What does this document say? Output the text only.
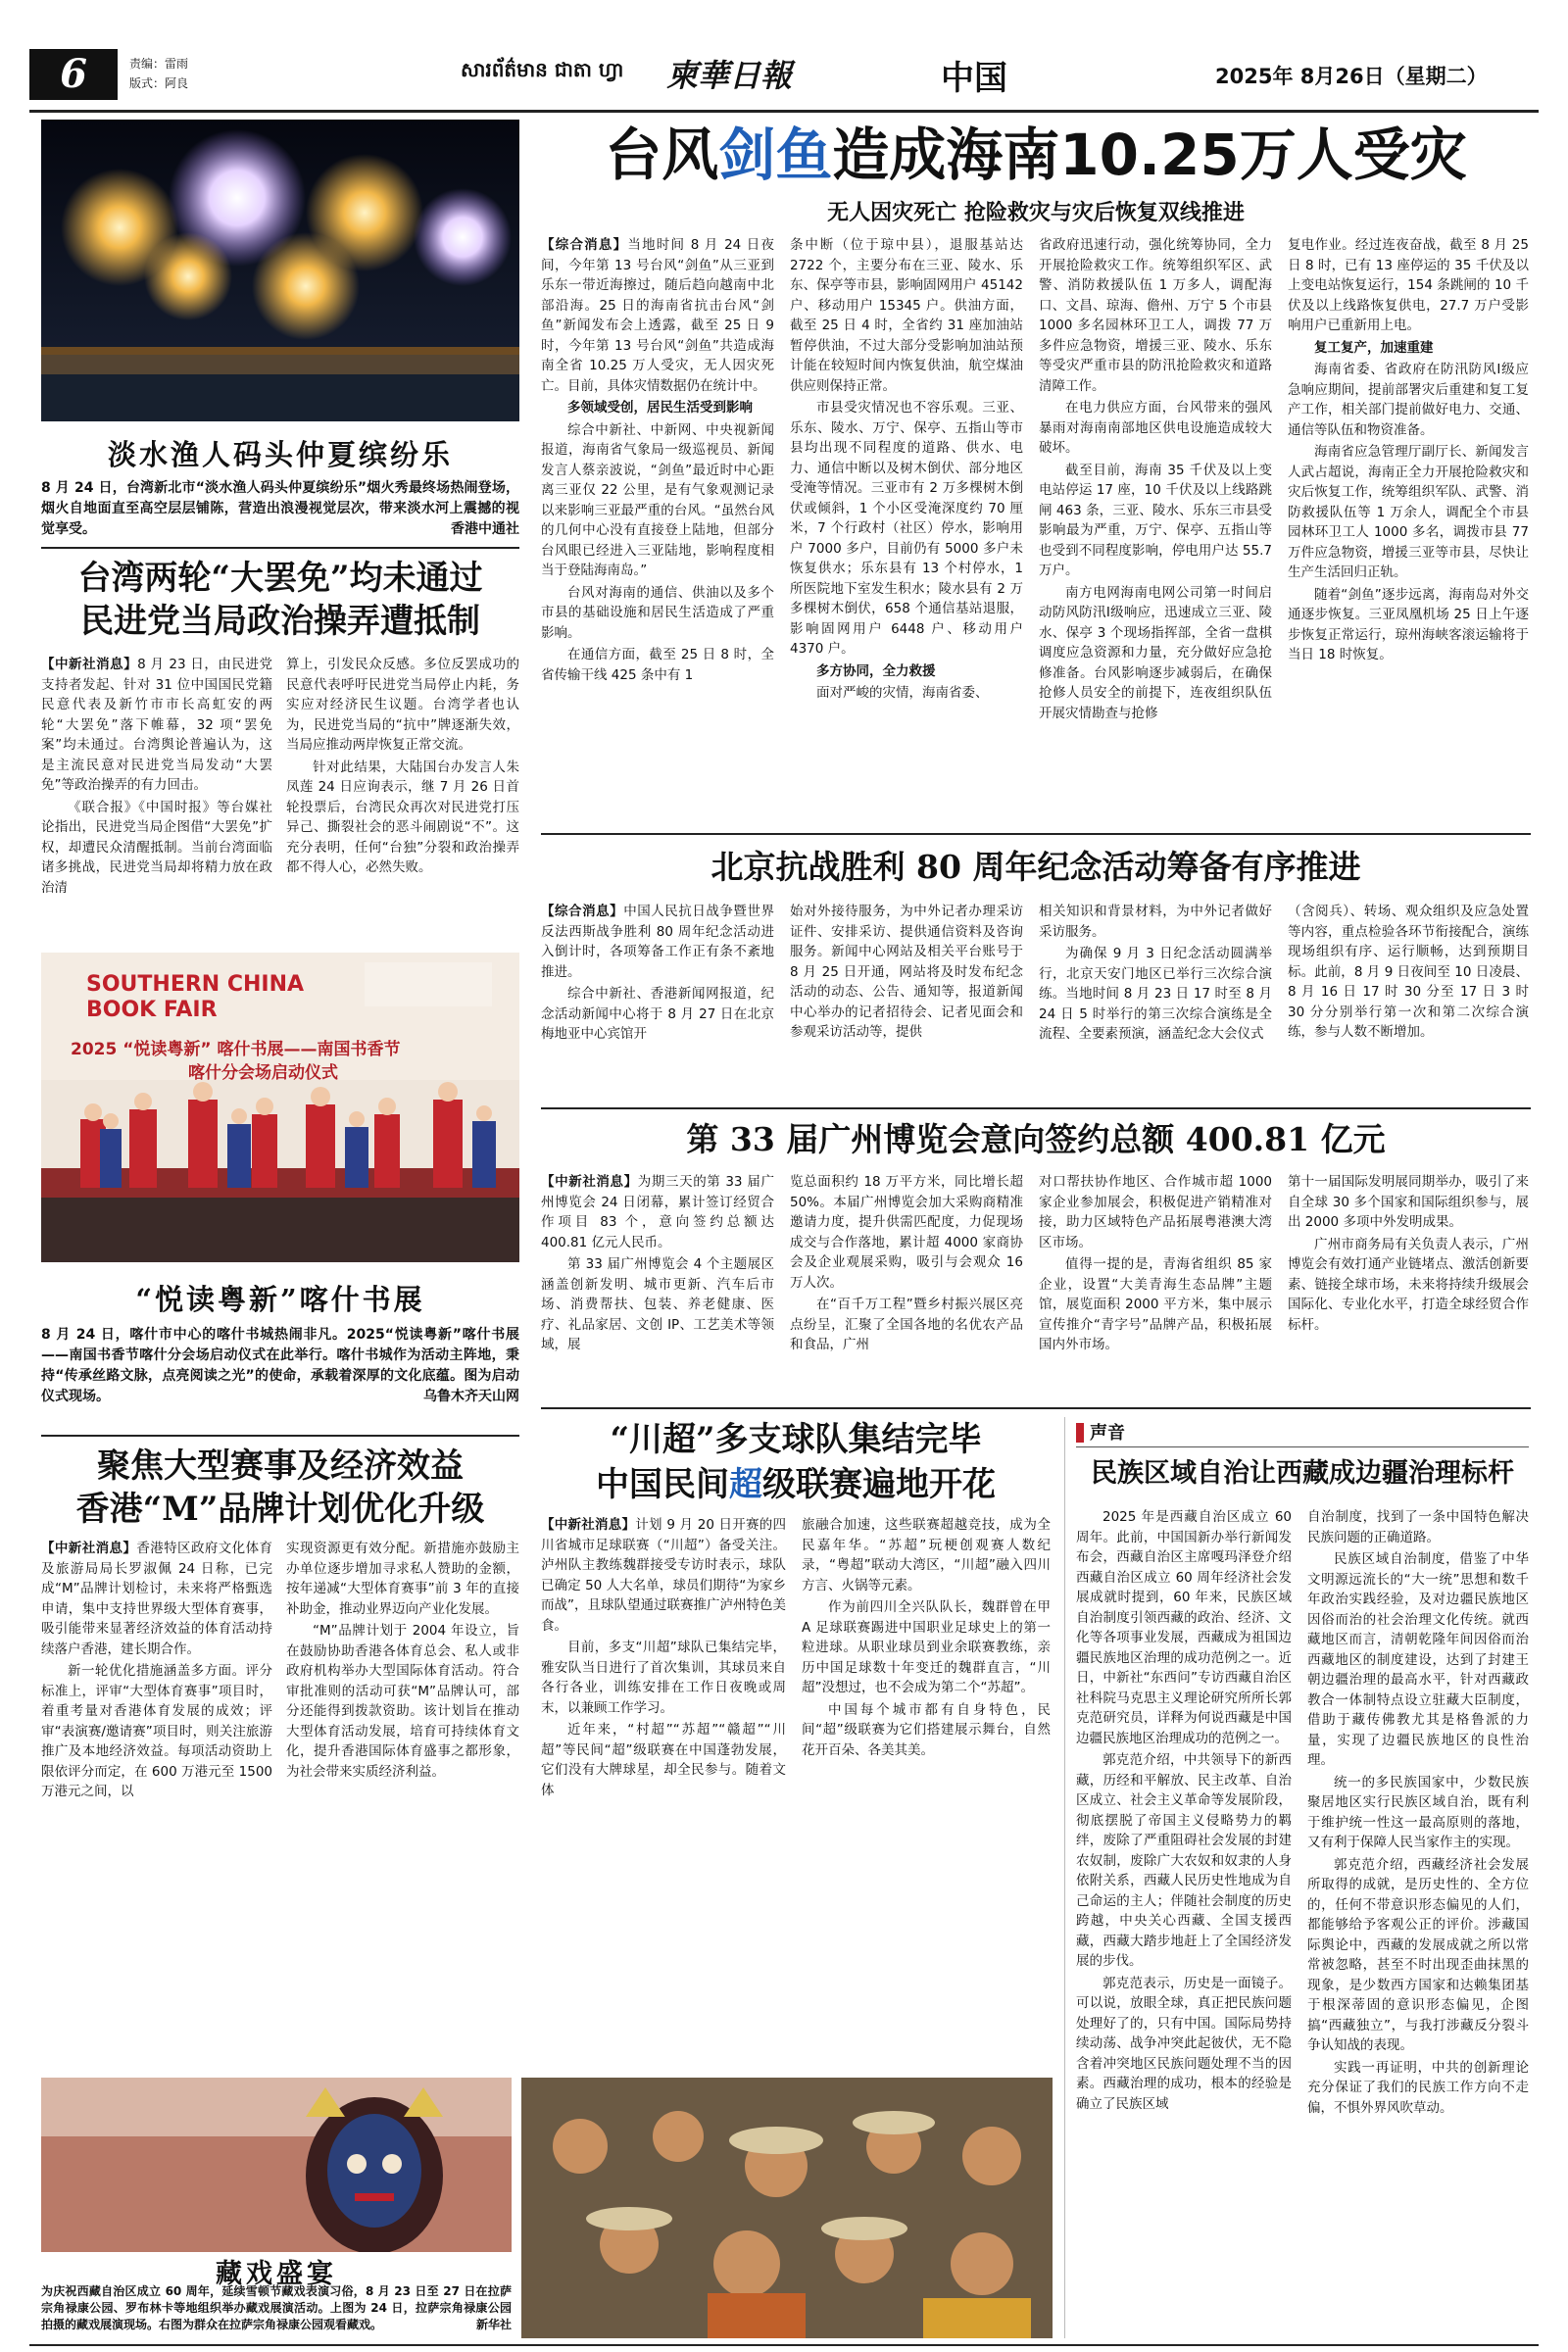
6	责编：雷雨
版式：阿良
សារព័ត៌មាន ជាតា ហ្វា 柬華日報	中国	2025年 8月26日（星期二）
淡水渔人码头仲夏缤纷乐
8 月 24 日，台湾新北市“淡水渔人码头仲夏缤纷乐”烟火秀最终场热闹登场，烟火自地面直至高空层层铺陈，营造出浪漫视觉层次，带来淡水河上震撼的视觉享受。	香港中通社
台湾两轮“大罢免”均未通过
民进党当局政治操弄遭抵制

【中新社消息】8 月 23 日，由民进党支持者发起、针对 31 位中国国民党籍民意代表及新竹市市长高虹安的两轮“大罢免”落下帷幕，32 项“罢免案”均未通过。台湾舆论普遍认为，这是主流民意对民进党当局发动“大罢免”等政治操弄的有力回击。

《联合报》《中国时报》等台媒社论指出，民进党当局企图借“大罢免”扩权，却遭民众清醒抵制。当前台湾面临诸多挑战，民进党当局却将精力放在政治清

算上，引发民众反感。多位反罢成功的民意代表呼吁民进党当局停止内耗，务实应对经济民生议题。台湾学者也认为，民进党当局的“抗中”牌逐渐失效，当局应推动两岸恢复正常交流。

针对此结果，大陆国台办发言人朱凤莲 24 日应询表示，继 7 月 26 日首轮投票后，台湾民众再次对民进党打压异己、撕裂社会的恶斗闹剧说“不”。这充分表明，任何“台独”分裂和政治操弄都不得人心，必然失败。

SOUTHERN CHINA
BOOK FAIR
2025 “悦读粤新” 喀什书展——南国书香节
喀什分会场启动仪式
“悦读粤新”喀什书展
8 月 24 日，喀什市中心的喀什书城热闹非凡。2025“悦读粤新”喀什书展——南国书香节喀什分会场启动仪式在此举行。喀什书城作为活动主阵地，秉持“传承丝路文脉，点亮阅读之光”的使命，承载着深厚的文化底蕴。图为启动仪式现场。	乌鲁木齐天山网
聚焦大型赛事及经济效益
香港“M”品牌计划优化升级

【中新社消息】香港特区政府文化体育及旅游局局长罗淑佩 24 日称，已完成“M”品牌计划检讨，未来将严格甄选申请，集中支持世界级大型体育赛事，吸引能带来显著经济效益的体育活动持续落户香港，建长期合作。

新一轮优化措施涵盖多方面。评分标准上，评审“大型体育赛事”项目时，着重考量对香港体育发展的成效；评审“表演赛/邀请赛”项目时，则关注旅游推广及本地经济效益。每项活动资助上限依评分而定，在 600 万港元至 1500 万港元之间，以

实现资源更有效分配。新措施亦鼓励主办单位逐步增加寻求私人赞助的金额，按年递减“大型体育赛事”前 3 年的直接补助金，推动业界迈向产业化发展。

“M”品牌计划于 2004 年设立，旨在鼓励协助香港各体育总会、私人或非政府机构举办大型国际体育活动。符合审批准则的活动可获“M”品牌认可，部分还能得到拨款资助。该计划旨在推动大型体育活动发展，培育可持续体育文化，提升香港国际体育盛事之都形象，为社会带来实质经济利益。

台风剑鱼造成海南10.25万人受灾
无人因灾死亡 抢险救灾与灾后恢复双线推进

【综合消息】当地时间 8 月 24 日夜间，今年第 13 号台风“剑鱼”从三亚到乐东一带近海擦过，随后趋向越南中北部沿海。25 日的海南省抗击台风“剑鱼”新闻发布会上透露，截至 25 日 9 时，今年第 13 号台风“剑鱼”共造成海南全省 10.25 万人受灾，无人因灾死亡。目前，具体灾情数据仍在统计中。

多领域受创，居民生活受到影响

综合中新社、中新网、中央视新闻报道，海南省气象局一级巡视员、新闻发言人蔡亲波说，“剑鱼”最近时中心距离三亚仅 22 公里，是有气象观测记录以来影响三亚最严重的台风。“虽然台风的几何中心没有直接登上陆地，但部分台风眼已经进入三亚陆地，影响程度相当于登陆海南岛。”

台风对海南的通信、供油以及多个市县的基础设施和居民生活造成了严重影响。

在通信方面，截至 25 日 8 时，全省传输干线 425 条中有 1

条中断（位于琼中县），退服基站达 2722 个，主要分布在三亚、陵水、乐东、保亭等市县，影响固网用户 45142 户、移动用户 15345 户。供油方面，截至 25 日 4 时，全省约 31 座加油站暂停供油，不过大部分受影响加油站预计能在较短时间内恢复供油，航空煤油供应则保持正常。

市县受灾情况也不容乐观。三亚、乐东、陵水、万宁、保亭、五指山等市县均出现不同程度的道路、供水、电力、通信中断以及树木倒伏、部分地区受淹等情况。三亚市有 2 万多棵树木倒伏或倾斜，1 个小区受淹深度约 70 厘米，7 个行政村（社区）停水，影响用户 7000 多户，目前仍有 5000 多户未恢复供水；乐东县有 13 个村停水，1 所医院地下室发生积水；陵水县有 2 万多棵树木倒伏，658 个通信基站退服，影响固网用户 6448 户、移动用户 4370 户。

多方协同，全力救援

面对严峻的灾情，海南省委、

省政府迅速行动，强化统筹协同，全力开展抢险救灾工作。统筹组织军区、武警、消防救援队伍 1 万多人，调配海口、文昌、琼海、儋州、万宁 5 个市县 1000 多名园林环卫工人，调拨 77 万多件应急物资，增援三亚、陵水、乐东等受灾严重市县的防汛抢险救灾和道路清障工作。

在电力供应方面，台风带来的强风暴雨对海南南部地区供电设施造成较大破坏。

截至目前，海南 35 千伏及以上变电站停运 17 座，10 千伏及以上线路跳闸 463 条，三亚、陵水、乐东三市县受影响最为严重，万宁、保亭、五指山等也受到不同程度影响，停电用户达 55.7 万户。

南方电网海南电网公司第一时间启动防风防汛Ⅰ级响应，迅速成立三亚、陵水、保亭 3 个现场指挥部，全省一盘棋调度应急资源和力量，充分做好应急抢修准备。台风影响逐步减弱后，在确保抢修人员安全的前提下，连夜组织队伍开展灾情勘查与抢修

复电作业。经过连夜奋战，截至 8 月 25 日 8 时，已有 13 座停运的 35 千伏及以上变电站恢复运行，154 条跳闸的 10 千伏及以上线路恢复供电，27.7 万户受影响用户已重新用上电。

复工复产，加速重建

海南省委、省政府在防汛防风Ⅰ级应急响应期间，提前部署灾后重建和复工复产工作，相关部门提前做好电力、交通、通信等队伍和物资准备。

海南省应急管理厅副厅长、新闻发言人武占超说，海南正全力开展抢险救灾和灾后恢复工作，统筹组织军队、武警、消防救援队伍等 1 万余人，调配全个市县园林环卫工人 1000 多名，调拨市县 77 万件应急物资，增援三亚等市县，尽快让生产生活回归正轨。

随着“剑鱼”逐步远离，海南岛对外交通逐步恢复。三亚凤凰机场 25 日上午逐步恢复正常运行，琼州海峡客滚运输将于当日 18 时恢复。

北京抗战胜利 80 周年纪念活动筹备有序推进

【综合消息】中国人民抗日战争暨世界反法西斯战争胜利 80 周年纪念活动进入倒计时，各项筹备工作正有条不紊地推进。

综合中新社、香港新闻网报道，纪念活动新闻中心将于 8 月 27 日在北京梅地亚中心宾馆开

始对外接待服务，为中外记者办理采访证件、安排采访、提供通信资料及咨询服务。新闻中心网站及相关平台账号于 8 月 25 日开通，网站将及时发布纪念活动的动态、公告、通知等，报道新闻中心举办的记者招待会、记者见面会和参观采访活动等，提供

相关知识和背景材料，为中外记者做好采访服务。

为确保 9 月 3 日纪念活动圆满举行，北京天安门地区已举行三次综合演练。当地时间 8 月 23 日 17 时至 8 月 24 日 5 时举行的第三次综合演练是全流程、全要素预演，涵盖纪念大会仪式

（含阅兵）、转场、观众组织及应急处置等内容，重点检验各环节衔接配合，演练现场组织有序、运行顺畅，达到预期目标。此前，8 月 9 日夜间至 10 日凌晨、8 月 16 日 17 时 30 分至 17 日 3 时 30 分分别举行第一次和第二次综合演练，参与人数不断增加。

第 33 届广州博览会意向签约总额 400.81 亿元

【中新社消息】为期三天的第 33 届广州博览会 24 日闭幕，累计签订经贸合作项目 83 个，意向签约总额达 400.81 亿元人民币。

第 33 届广州博览会 4 个主题展区涵盖创新发明、城市更新、汽车后市场、消费帮扶、包装、养老健康、医疗、礼品家居、文创 IP、工艺美术等领域，展

览总面积约 18 万平方米，同比增长超 50%。本届广州博览会加大采购商精准邀请力度，提升供需匹配度，力促现场成交与合作落地，累计超 4000 家商协会及企业观展采购，吸引与会观众 16 万人次。

在“百千万工程”暨乡村振兴展区亮点纷呈，汇聚了全国各地的名优农产品和食品，广州

对口帮扶协作地区、合作城市超 1000 家企业参加展会，积极促进产销精准对接，助力区域特色产品拓展粤港澳大湾区市场。

值得一提的是，青海省组织 85 家企业，设置“大美青海生态品牌”主题馆，展览面积 2000 平方米，集中展示宣传推介“青字号”品牌产品，积极拓展国内外市场。

第十一届国际发明展同期举办，吸引了来自全球 30 多个国家和国际组织参与，展出 2000 多项中外发明成果。

广州市商务局有关负责人表示，广州博览会有效打通产业链堵点、激活创新要素、链接全球市场，未来将持续升级展会国际化、专业化水平，打造全球经贸合作标杆。

“川超”多支球队集结完毕
中国民间超级联赛遍地开花

【中新社消息】计划 9 月 20 日开赛的四川省城市足球联赛（“川超”）备受关注。泸州队主教练魏群接受专访时表示，球队已确定 50 人大名单，球员们期待“为家乡而战”，且球队望通过联赛推广泸州特色美食。

目前，多支“川超”球队已集结完毕，雅安队当日进行了首次集训，其球员来自各行各业，训练安排在工作日夜晚或周末，以兼顾工作学习。

近年来，“村超”“苏超”“赣超”“川超”等民间“超”级联赛在中国蓬勃发展，它们没有大牌球星，却全民参与。随着文体

旅融合加速，这些联赛超越竞技，成为全民嘉年华。“苏超”玩梗创观赛人数纪录，“粤超”联动大湾区，“川超”融入四川方言、火锅等元素。

作为前四川全兴队队长，魏群曾在甲 A 足球联赛踢进中国职业足球史上的第一粒进球。从职业球员到业余联赛教练，亲历中国足球数十年变迁的魏群直言，“川超”没想过，也不会成为第二个“苏超”。

中国每个城市都有自身特色，民间“超”级联赛为它们搭建展示舞台，自然花开百朵、各美其美。

声音
民族区域自治让西藏成边疆治理标杆

2025 年是西藏自治区成立 60 周年。此前，中国国新办举行新闻发布会，西藏自治区主席嘎玛泽登介绍西藏自治区成立 60 周年经济社会发展成就时提到，60 年来，民族区域自治制度引领西藏的政治、经济、文化等各项事业发展，西藏成为祖国边疆民族地区治理的成功范例之一。近日，中新社“东西问”专访西藏自治区社科院马克思主义理论研究所所长郭克范研究员，详释为何说西藏是中国边疆民族地区治理成功的范例之一。

郭克范介绍，中共领导下的新西藏，历经和平解放、民主改革、自治区成立、社会主义革命等发展阶段，彻底摆脱了帝国主义侵略势力的羁绊，废除了严重阻碍社会发展的封建农奴制，废除广大农奴和奴隶的人身依附关系，西藏人民历史性地成为自己命运的主人；伴随社会制度的历史跨越，中央关心西藏、全国支援西藏，西藏大踏步地赶上了全国经济发展的步伐。

郭克范表示，历史是一面镜子。可以说，放眼全球，真正把民族问题处理好了的，只有中国。国际局势持续动荡、战争冲突此起彼伏，无不隐含着冲突地区民族问题处理不当的因素。西藏治理的成功，根本的经验是确立了民族区域

自治制度，找到了一条中国特色解决民族问题的正确道路。

民族区域自治制度，借鉴了中华文明源远流长的“大一统”思想和数千年政治实践经验，及对边疆民族地区因俗而治的社会治理文化传统。就西藏地区而言，清朝乾隆年间因俗而治西藏地区的制度建设，达到了封建王朝边疆治理的最高水平，针对西藏政教合一体制特点设立驻藏大臣制度，借助于藏传佛教尤其是格鲁派的力量，实现了边疆民族地区的良性治理。

统一的多民族国家中，少数民族聚居地区实行民族区域自治，既有利于维护统一性这一最高原则的落地，又有利于保障人民当家作主的实现。

郭克范介绍，西藏经济社会发展所取得的成就，是历史性的、全方位的，任何不带意识形态偏见的人们，都能够给予客观公正的评价。涉藏国际舆论中，西藏的发展成就之所以常常被忽略，甚至不时出现歪曲抹黑的现象，是少数西方国家和达赖集团基于根深蒂固的意识形态偏见，企图搞“西藏独立”，与我打涉藏反分裂斗争认知战的表现。

实践一再证明，中共的创新理论充分保证了我们的民族工作方向不走偏，不惧外界风吹草动。

藏戏盛宴
为庆祝西藏自治区成立 60 周年，延续雪顿节藏戏表演习俗，8 月 23 日至 27 日在拉萨宗角禄康公园、罗布林卡等地组织举办藏戏展演活动。上图为 24 日，拉萨宗角禄康公园拍摄的藏戏展演现场。右图为群众在拉萨宗角禄康公园观看藏戏。	新华社
